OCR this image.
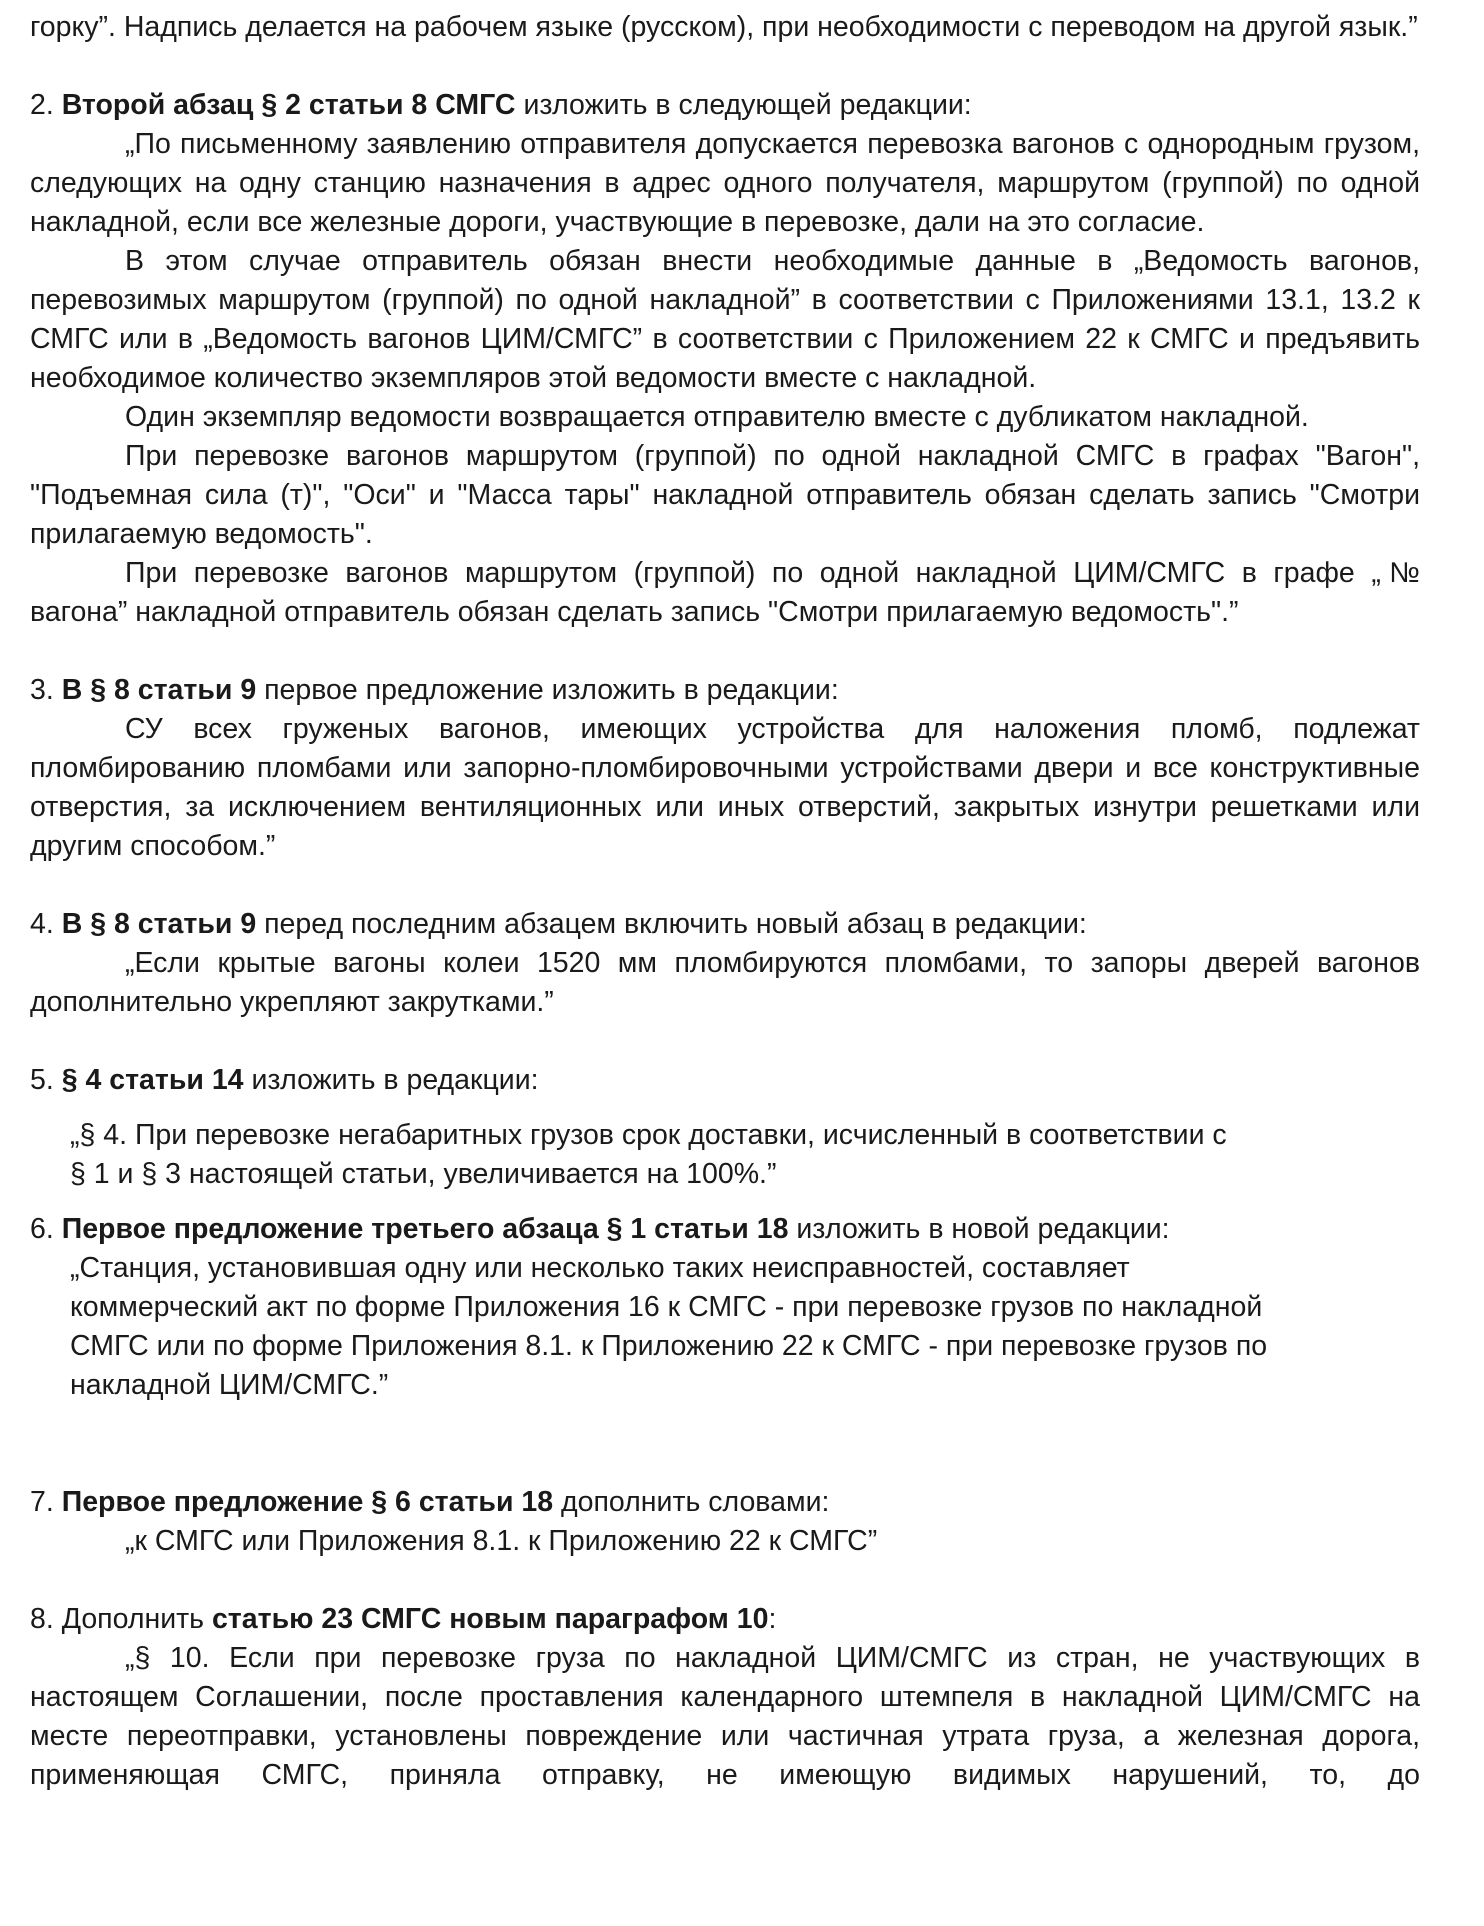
горку”. Надпись делается на рабочем языке (русском), при необходимости с переводом на другой язык.”

2. Второй абзац § 2 статьи 8 СМГС изложить в следующей редакции:

„По письменному заявлению отправителя допускается перевозка вагонов с однородным грузом, следующих на одну станцию назначения в адрес одного получателя, маршрутом (группой) по одной накладной, если все железные дороги, участвующие в перевозке, дали на это согласие.

В этом случае отправитель обязан внести необходимые данные в „Ведомость вагонов, перевозимых маршрутом (группой) по одной накладной” в соответствии с Приложениями 13.1, 13.2 к СМГС или в „Ведомость вагонов ЦИМ/СМГС” в соответствии с Приложением 22 к СМГС и предъявить необходимое количество экземпляров этой ведомости вместе с накладной.

Один экземпляр ведомости возвращается отправителю вместе с дубликатом накладной.

При перевозке вагонов маршрутом (группой) по одной накладной СМГС в графах "Вагон", "Подъемная сила (т)", "Оси" и "Масса тары" накладной отправитель обязан сделать запись "Смотри прилагаемую ведомость".

При перевозке вагонов маршрутом (группой) по одной накладной ЦИМ/СМГС в графе „№ вагона” накладной отправитель обязан сделать запись "Смотри прилагаемую ведомость".”

3. В § 8 статьи 9 первое предложение изложить в редакции:

СУ всех груженых вагонов, имеющих устройства для наложения пломб, подлежат пломбированию пломбами или запорно-пломбировочными устройствами двери и все конструктивные отверстия, за исключением вентиляционных или иных отверстий, закрытых изнутри решетками или другим способом.”

4. В § 8 статьи 9 перед последним абзацем включить новый абзац в редакции:

„Если крытые вагоны колеи 1520 мм пломбируются пломбами, то запоры дверей вагонов дополнительно укрепляют закрутками.”

5. § 4 статьи 14 изложить в редакции:

„§ 4. При перевозке негабаритных грузов срок доставки, исчисленный в соответствии с

§ 1 и § 3 настоящей статьи, увеличивается на 100%.”

6. Первое предложение третьего абзаца § 1 статьи 18 изложить в новой редакции:

„Станция, установившая одну или несколько таких неисправностей, составляет

коммерческий акт по форме Приложения 16 к СМГС - при перевозке грузов по накладной

СМГС или по форме Приложения 8.1. к Приложению 22 к СМГС - при перевозке грузов по

накладной ЦИМ/СМГС.”

7. Первое предложение § 6 статьи 18 дополнить словами:

„к СМГС или Приложения 8.1. к Приложению 22 к СМГС”

8. Дополнить статью 23 СМГС новым параграфом 10:

„§ 10. Если при перевозке груза по накладной ЦИМ/СМГС из стран, не участвующих в настоящем Соглашении, после проставления календарного штемпеля в накладной ЦИМ/СМГС на месте переотправки, установлены повреждение или частичная утрата груза, а железная дорога, применяющая СМГС, приняла отправку, не имеющую видимых нарушений, то, до
